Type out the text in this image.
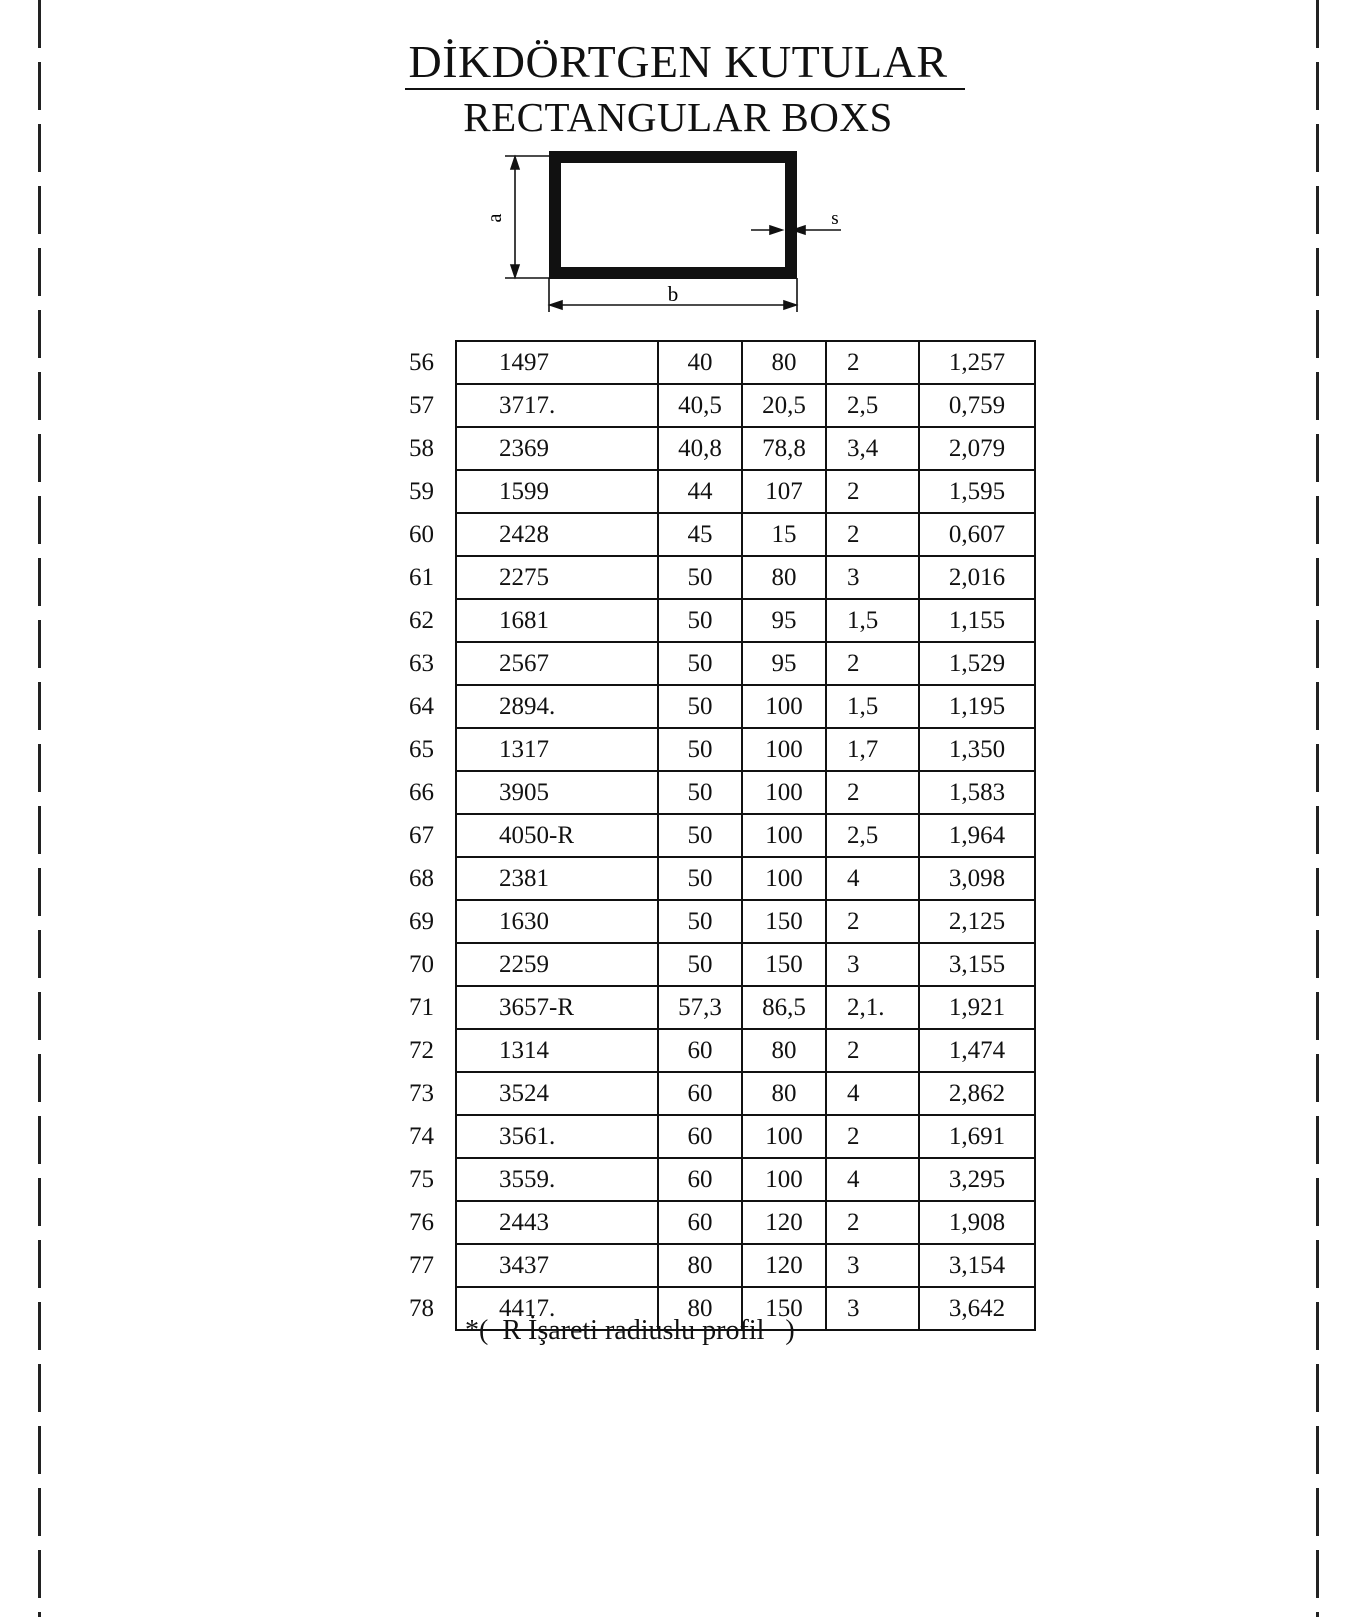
DİKDÖRTGEN KUTULAR
RECTANGULAR BOXS
a
b
s
56	1497	40	80	2	1,257
57	3717.	40,5	20,5	2,5	0,759
58	2369	40,8	78,8	3,4	2,079
59	1599	44	107	2	1,595
60	2428	45	15	2	0,607
61	2275	50	80	3	2,016
62	1681	50	95	1,5	1,155
63	2567	50	95	2	1,529
64	2894.	50	100	1,5	1,195
65	1317	50	100	1,7	1,350
66	3905	50	100	2	1,583
67	4050-R	50	100	2,5	1,964
68	2381	50	100	4	3,098
69	1630	50	150	2	2,125
70	2259	50	150	3	3,155
71	3657-R	57,3	86,5	2,1.	1,921
72	1314	60	80	2	1,474
73	3524	60	80	4	2,862
74	3561.	60	100	2	1,691
75	3559.	60	100	4	3,295
76	2443	60	120	2	1,908
77	3437	80	120	3	3,154
78	4417.	80	150	3	3,642
*(  R İşareti radiuslu profil   )
